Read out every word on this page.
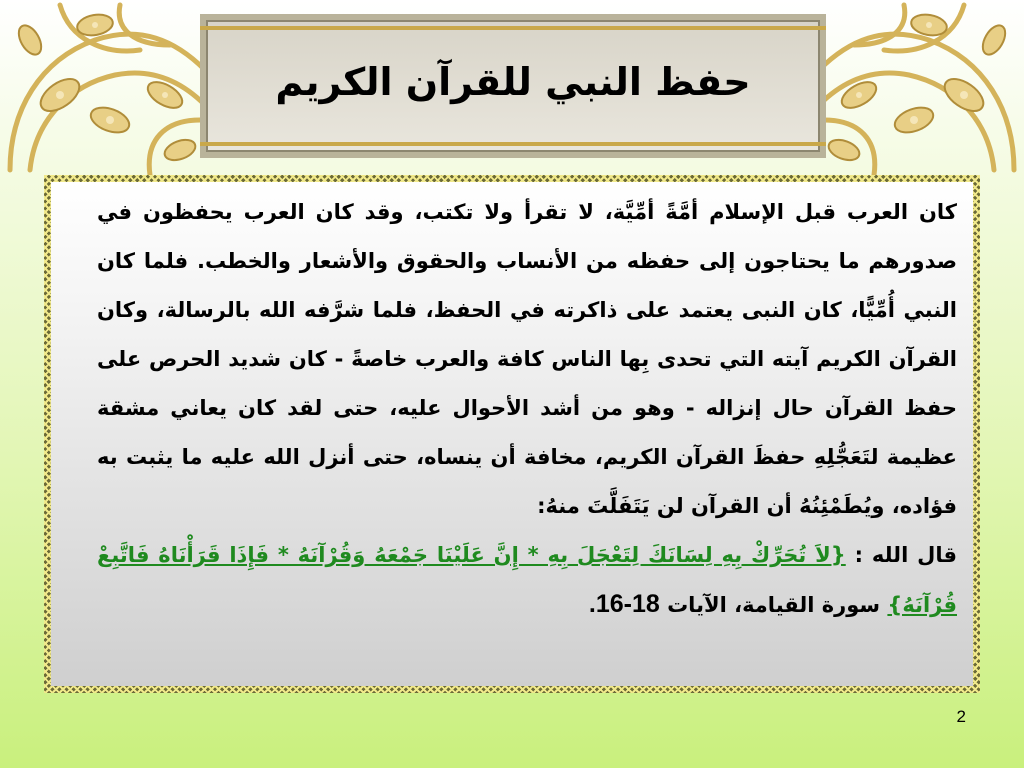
حفظ النبي للقرآن الكريم
كان العرب قبل الإسلام أمَّةً أمِّيَّة، لا تقرأ ولا تكتب، وقد كان العرب يحفظون في صدورهم ما يحتاجون إلى حفظه من الأنساب والحقوق والأشعار والخطب. فلما كان النبي أُمِّيًّا، كان النبى يعتمد على ذاكرته في الحفظ، فلما شرَّفه الله بالرسالة، وكان القرآن الكريم آيته التي تحدى بِها الناس كافة والعرب خاصةً - كان شديد الحرص على حفظ القرآن حال إنزاله - وهو من أشد الأحوال عليه، حتى لقد كان يعاني مشقة عظيمة لتَعَجُّلِهِ حفظَ القرآن الكريم، مخافة أن ينساه، حتى أنزل الله عليه ما يثبت به فؤاده، ويُطَمْئِنُهُ أن القرآن لن يَتَفَلَّتَ منهُ:
قال الله : {لاَ تُحَرِّكْ بِهِ لِسَانَكَ لِتَعْجَلَ بِهِ * إِنَّ عَلَيْنَا جَمْعَهُ وَقُرْآنَهُ * فَإِذَا قَرَأْنَاهُ فَاتَّبِعْ قُرْآنَهُ} سورة القيامة، الآيات 18-16.
2
